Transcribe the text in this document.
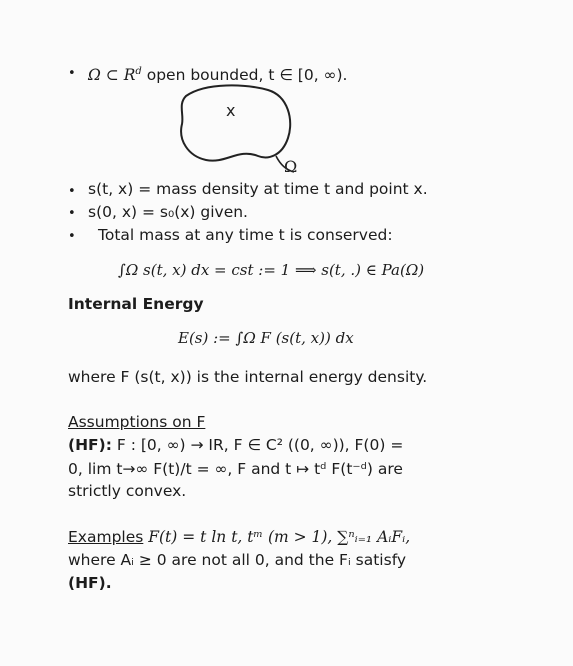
• Ω ⊂ $R^d$ open bounded, t ∈ [0, ∞).
x
Ω
• s(t, x) = mass density at time t and point x.
• s(0, x) = s₀(x) given.
• Total mass at any time t is conserved:
∫Ω s(t, x) dx = cst := 1 ⟹ s(t, .) ∈ Pa(Ω)
Internal Energy
E(s) := ∫Ω F (s(t, x)) dx
where F (s(t, x)) is the internal energy density.
Assumptions on F
(HF): F : [0, ∞) → IR, F ∈ C² ((0, ∞)), F(0) =
0, lim t→∞ F(t)/t = ∞, F and t ↦ tᵈ F(t⁻ᵈ) are
strictly convex.
Examples F(t) = t ln t, tᵐ (m > 1), ∑ⁿᵢ₌₁ AᵢFᵢ,
where Aᵢ ≥ 0 are not all 0, and the Fᵢ satisfy
(HF).
